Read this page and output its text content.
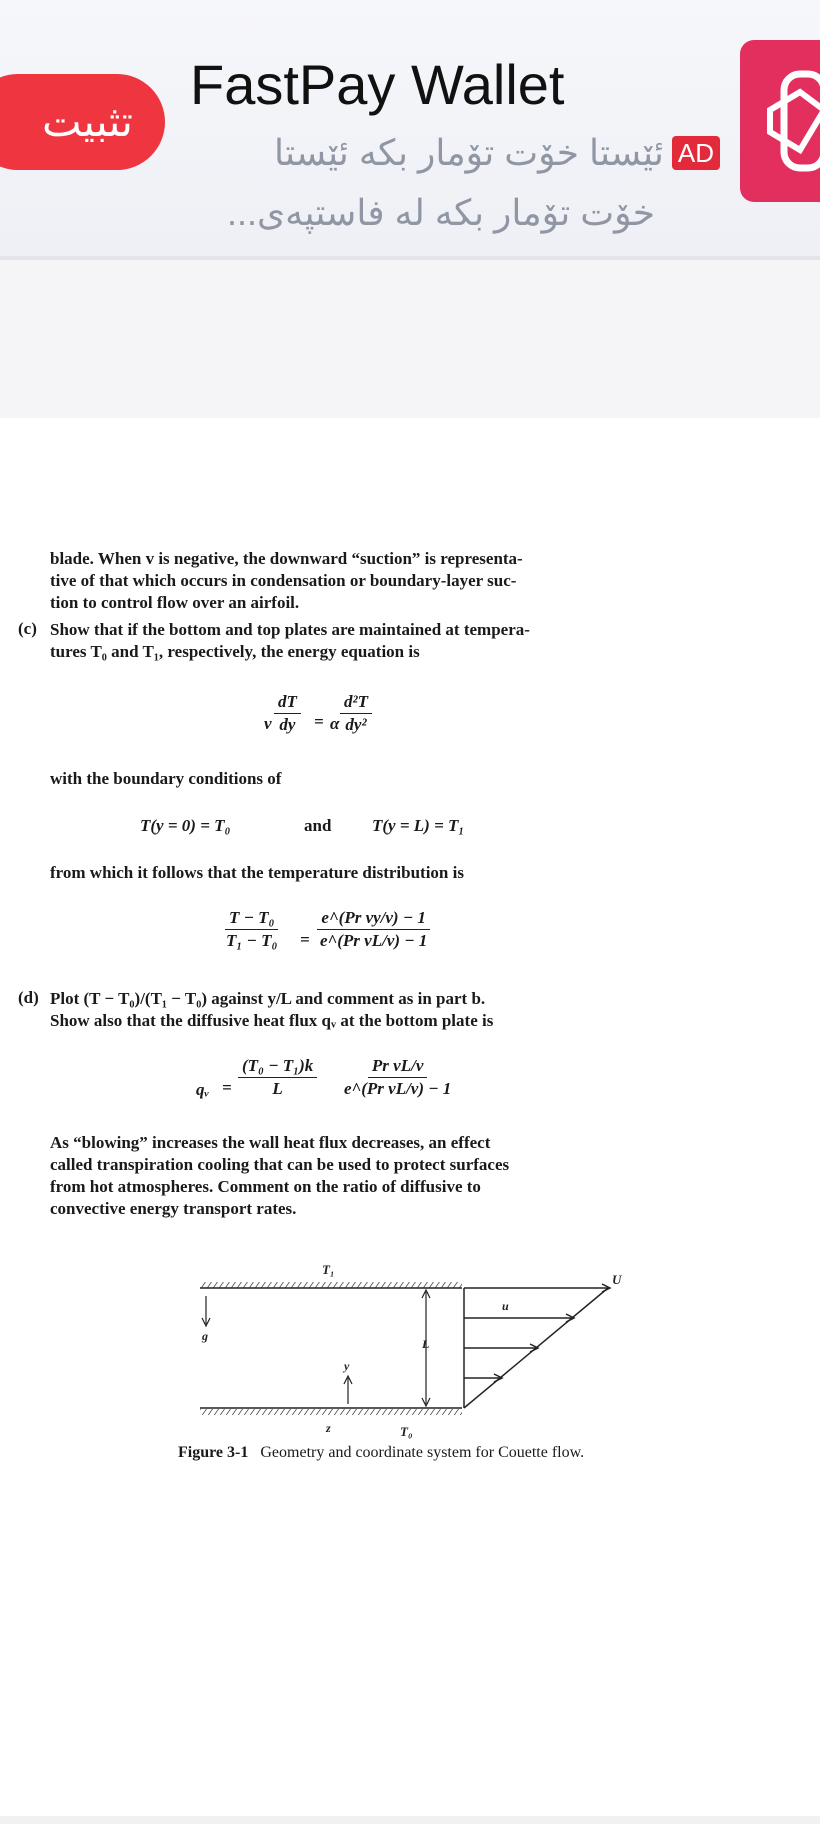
تثبيت
FastPay Wallet
ئێستا خۆت تۆمار بکە ئێستا AD
خۆت تۆمار بکە لە فاستپەی...
blade. When v is negative, the downward “suction” is representa-
tive of that which occurs in condensation or boundary-layer suc-
tion to control flow over an airfoil.
(c) Show that if the bottom and top plates are maintained at tempera-
tures T₀ and T₁, respectively, the energy equation is
v $\frac{dT}{dy} = \alpha \frac{\text{d²T}}{\text{dy²}}$
with the boundary conditions of
T(y = 0) = T₀	and T(y = L) = T₁
from which it follows that the temperature distribution is
$\frac{\text{T − T₀}}{\text{T₁ − T₀}} = \frac{\text{e\textasciicircum{}(Pr vy/ν) − 1}}{\text{e\textasciicircum{}(Pr vL/ν) − 1}}$
(d) Plot (T − T₀)/(T₁ − T₀) against y/L and comment as in part b.
Show also that the diffusive heat flux qᵥ at the bottom plate is
qᵥ = $\frac{\text{(T₀ − T₁)k}}{L} \frac{\text{Pr vL/ν}}{\text{e\textasciicircum{}(Pr vL/ν) − 1}}$
As “blowing” increases the wall heat flux decreases, an effect
called transpiration cooling that can be used to protect surfaces
from hot atmospheres. Comment on the ratio of diffusive to
convective energy transport rates.
T₁
T₀
U
u
L
y
g
z
Figure 3-1 Geometry and coordinate system for Couette flow.
